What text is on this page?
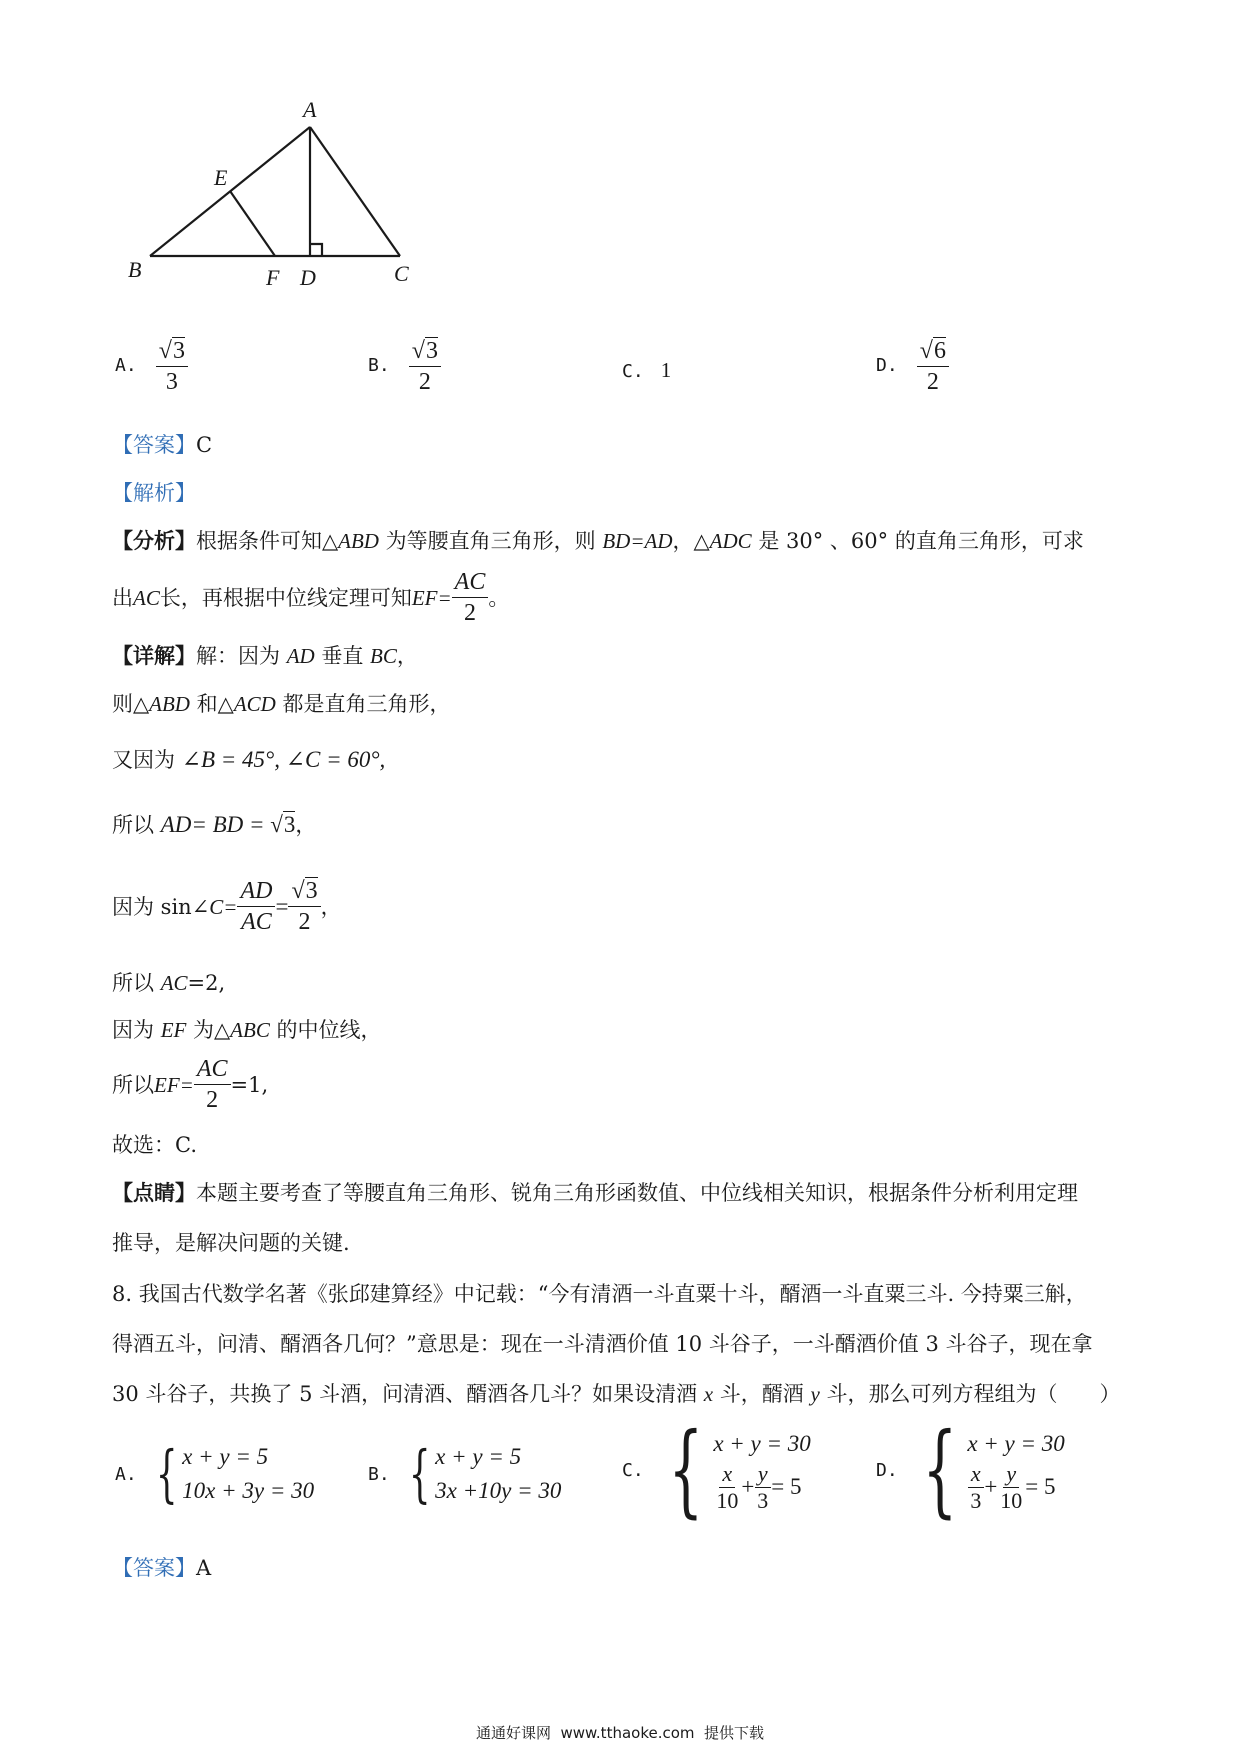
A
E
B	F D	C
A. $\frac{√3}{3}$	B. $\frac{√3}{2}$	C. 1	D. $\frac{√6}{2}$
【答案】C
【解析】
【分析】根据条件可知△ABD 为等腰直角三角形，则 BD=AD，△ADC 是 30° 、60° 的直角三角形，可求
出 AC 长，再根据中位线定理可知 $EF= \frac{AC}{2}$ 。
【详解】解：因为 AD 垂直 BC，
则△ABD 和△ACD 都是直角三角形，
又因为 ∠B = 45°, ∠C = 60°,
所以 AD= BD = √3，
因为 sin∠ $C= \frac{AD}{AC} = \frac{√3}{2}$ ，
所以 AC=2,
因为 EF 为△ABC 的中位线，
所以 $EF= \frac{AC}{2} =1$,
故选：C.
【点睛】本题主要考查了等腰直角三角形、锐角三角形函数值、中位线相关知识，根据条件分析利用定理
推导，是解决问题的关键.
8. 我国古代数学名著《张邱建算经》中记载：“今有清酒一斗直粟十斗，醑酒一斗直粟三斗. 今持粟三斛，
得酒五斗，问清、醑酒各几何？”意思是：现在一斗清酒价值 10 斗谷子，一斗醑酒价值 3 斗谷子，现在拿
30 斗谷子，共换了 5 斗酒，问清酒、醑酒各几斗？如果设清酒 x 斗，醑酒 y 斗，那么可列方程组为（　　）
A. { x + y = 5
10x + 3y = 30
B. { x + y = 5
3x +10y = 30
C. { x + y = 30
$\frac{x}{10} + \frac{y}{3} = 5$
D. { x + y = 30
$\frac{x}{3} + \frac{y}{10} = 5$
【答案】A
通通好课网  www.tthaoke.com  提供下载
